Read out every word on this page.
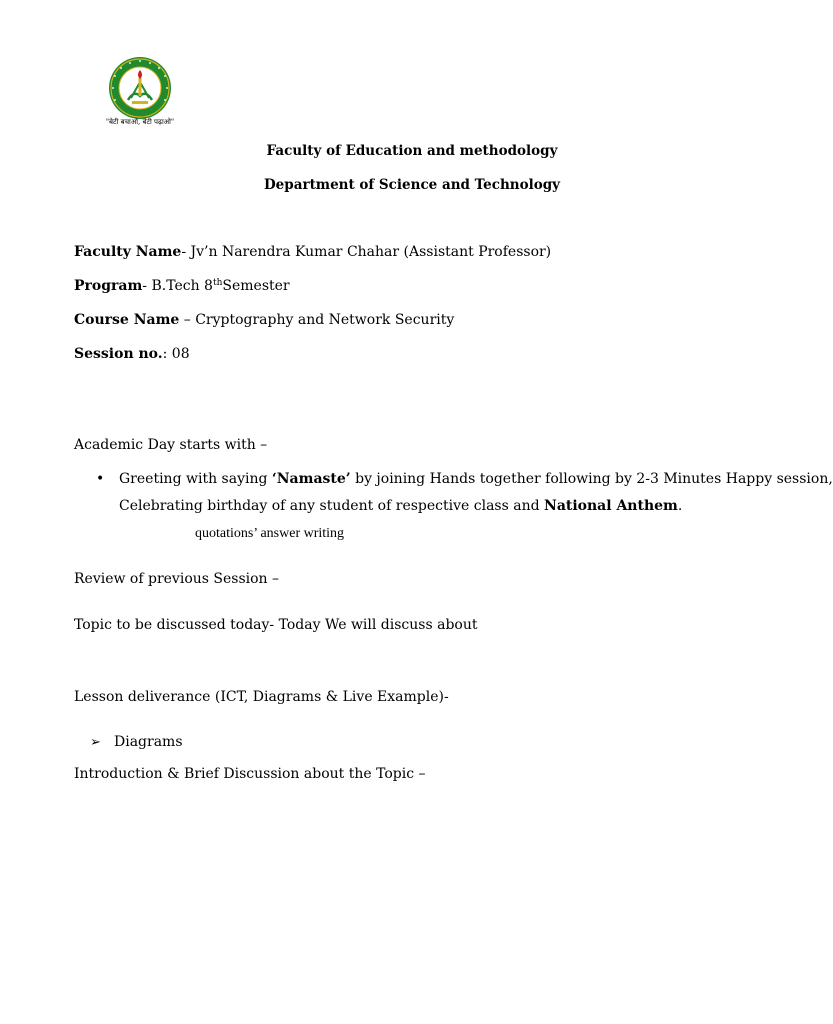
"बेटी बचाओ, बेटी पढ़ाओ"
Faculty of Education and methodology
Department of Science and Technology
Faculty Name- Jv’n Narendra Kumar Chahar (Assistant Professor)
Program- B.Tech 8thSemester
Course Name – Cryptography and Network Security
Session no.: 08
Academic Day starts with –
• Greeting with saying ‘Namaste’ by joining Hands together following by 2-3 Minutes Happy session,
Celebrating birthday of any student of respective class and National Anthem.
quotations’ answer writing
Review of previous Session –
Topic to be discussed today- Today We will discuss about
Lesson deliverance (ICT, Diagrams & Live Example)-
➢ Diagrams
Introduction & Brief Discussion about the Topic –
